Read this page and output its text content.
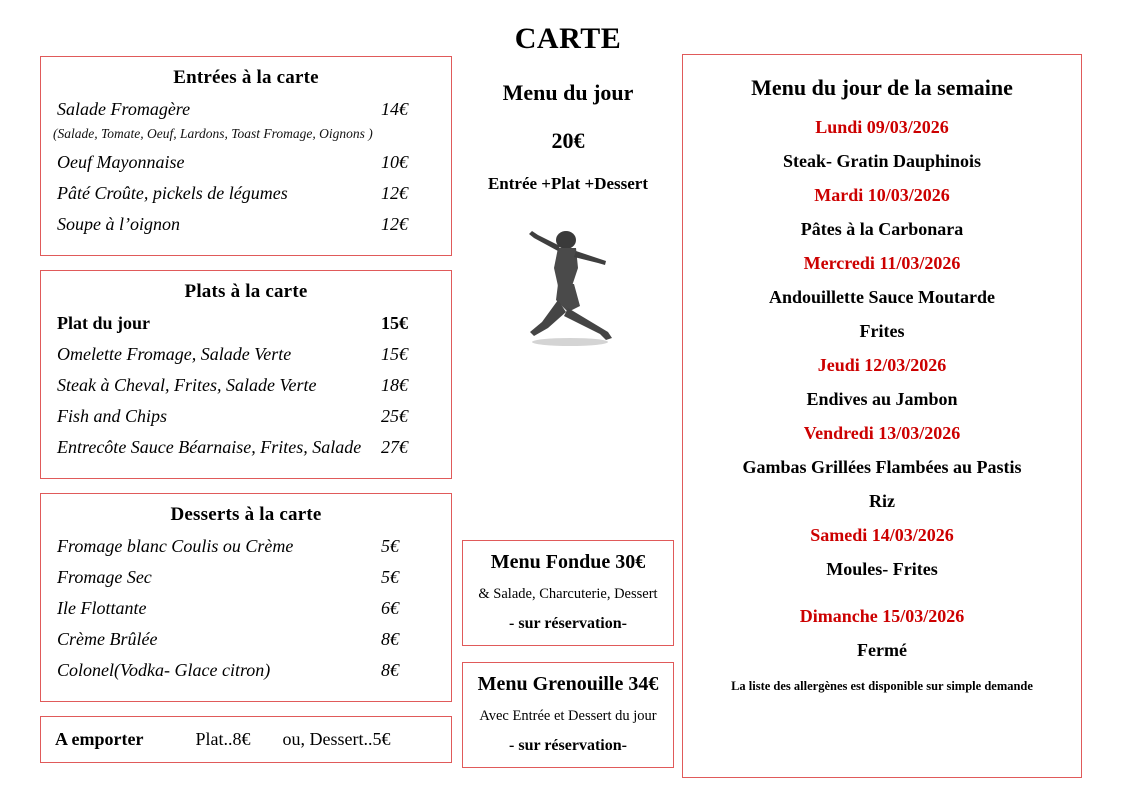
Entrées à la carte
Salade Fromagère	14€
(Salade, Tomate, Oeuf, Lardons, Toast Fromage, Oignons )
Oeuf Mayonnaise	10€
Pâté Croûte, pickels de légumes	12€
Soupe à l’oignon	12€
Plats à la carte
Plat du jour	15€
Omelette Fromage, Salade Verte	15€
Steak à Cheval, Frites, Salade Verte	18€
Fish and Chips	25€
Entrecôte Sauce Béarnaise, Frites, Salade	27€
Desserts à la carte
Fromage blanc Coulis ou Crème	5€
Fromage Sec	5€
Ile Flottante	6€
Crème Brûlée	8€
Colonel(Vodka- Glace citron)	8€
A emporter	Plat..8€ ou, Dessert..5€
CARTE
Menu du jour
20€
Entrée +Plat +Dessert
Menu Fondue 30€
& Salade, Charcuterie, Dessert
- sur réservation-
Menu Grenouille 34€
Avec Entrée et Dessert du jour
- sur réservation-
Menu du jour de la semaine
Lundi 09/03/2026
Steak- Gratin Dauphinois
Mardi 10/03/2026
Pâtes à la Carbonara
Mercredi 11/03/2026
Andouillette Sauce Moutarde
Frites
Jeudi 12/03/2026
Endives au Jambon
Vendredi 13/03/2026
Gambas Grillées Flambées au Pastis
Riz
Samedi 14/03/2026
Moules- Frites
Dimanche 15/03/2026
Fermé
La liste des allergènes est disponible sur simple demande
